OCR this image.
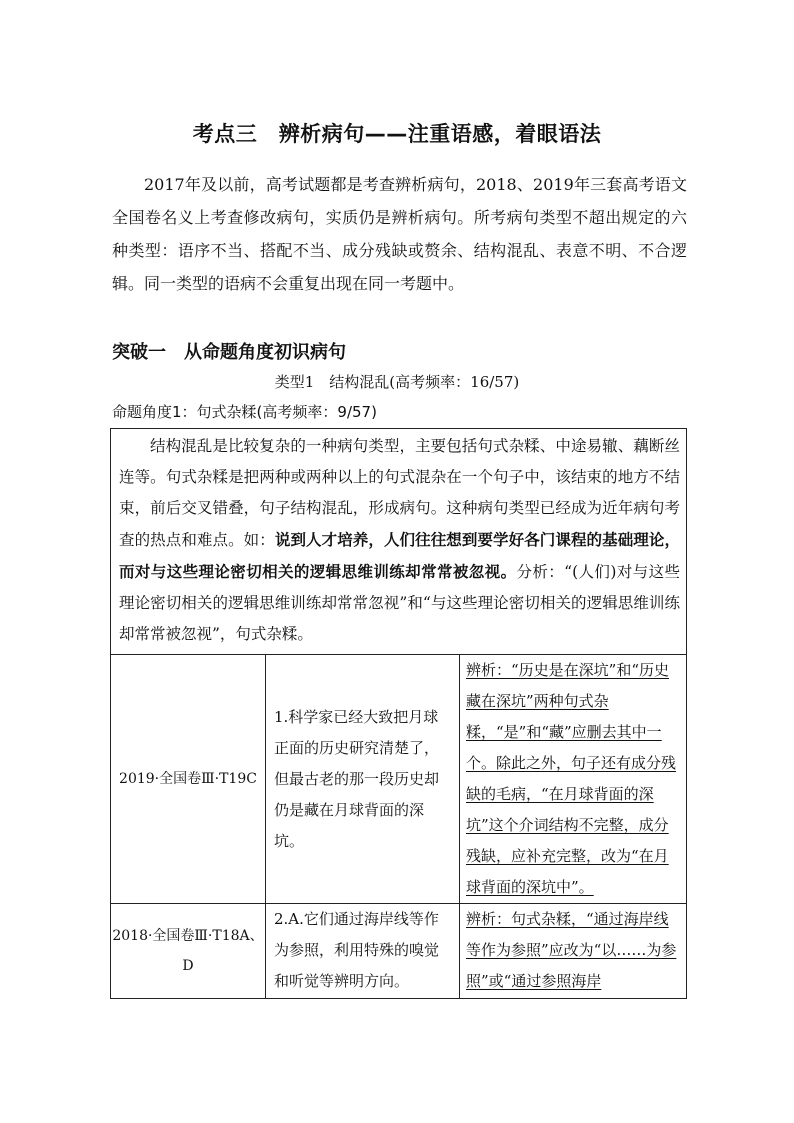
考点三　辨析病句——注重语感，着眼语法

2017年及以前，高考试题都是考查辨析病句，2018、2019年三套高考语文全国卷名义上考查修改病句，实质仍是辨析病句。所考病句类型不超出规定的六种类型：语序不当、搭配不当、成分残缺或赘余、结构混乱、表意不明、不合逻辑。同一类型的语病不会重复出现在同一考题中。

突破一　从命题角度初识病句
类型1　结构混乱(高考频率：16/57)
命题角度1：句式杂糅(高考频率：9/57)
结构混乱是比较复杂的一种病句类型，主要包括句式杂糅、中途易辙、藕断丝连等。句式杂糅是把两种或两种以上的句式混杂在一个句子中，该结束的地方不结束，前后交叉错叠，句子结构混乱，形成病句。这种病句类型已经成为近年病句考查的热点和难点。如：说到人才培养，人们往往想到要学好各门课程的基础理论，而对与这些理论密切相关的逻辑思维训练却常常被忽视。分析：“(人们)对与这些理论密切相关的逻辑思维训练却常常忽视”和“与这些理论密切相关的逻辑思维训练却常常被忽视”，句式杂糅。		
2019·全国卷Ⅲ·T19C	1.科学家已经大致把月球正面的历史研究清楚了，但最古老的那一段历史却仍是藏在月球背面的深坑。	辨析：“历史是在深坑”和“历史藏在深坑”两种句式杂糅，“是”和“藏”应删去其中一个。除此之外，句子还有成分残缺的毛病，“在月球背面的深坑”这个介词结构不完整，成分残缺，应补充完整，改为“在月球背面的深坑中”。
2018·全国卷Ⅲ·T18A、D	2.A.它们通过海岸线等作为参照，利用特殊的嗅觉和听觉等辨明方向。	辨析：句式杂糅，“通过海岸线等作为参照”应改为“以……为参照”或“通过参照海岸
